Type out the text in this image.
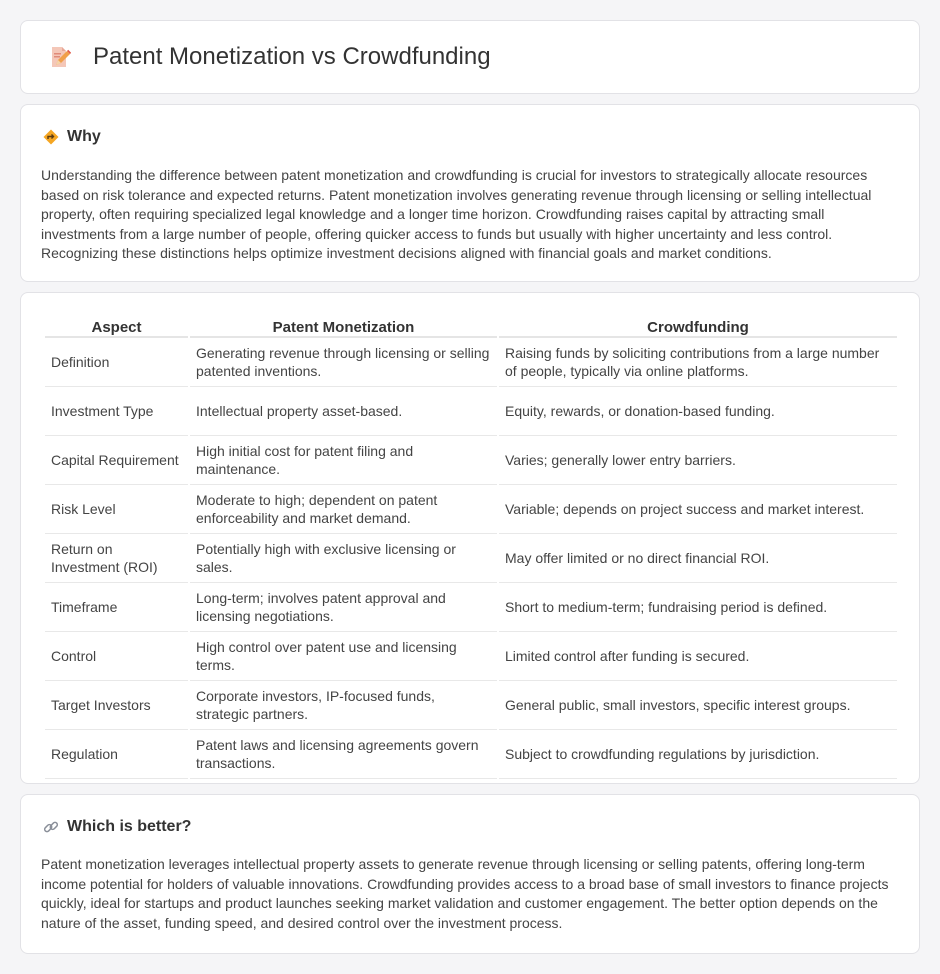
Patent Monetization vs Crowdfunding
Why

Understanding the difference between patent monetization and crowdfunding is crucial for investors to strategically allocate resources based on risk tolerance and expected returns. Patent monetization involves generating revenue through licensing or selling intellectual property, often requiring specialized legal knowledge and a longer time horizon. Crowdfunding raises capital by attracting small investments from a large number of people, offering quicker access to funds but usually with higher uncertainty and less control. Recognizing these distinctions helps optimize investment decisions aligned with financial goals and market conditions.

Aspect	Patent Monetization	Crowdfunding
Definition	Generating revenue through licensing or selling patented inventions.	Raising funds by soliciting contributions from a large number of people, typically via online platforms.
Investment Type	Intellectual property asset-based.	Equity, rewards, or donation-based funding.
Capital Requirement	High initial cost for patent filing and maintenance.	Varies; generally lower entry barriers.
Risk Level	Moderate to high; dependent on patent enforceability and market demand.	Variable; depends on project success and market interest.
Return on Investment (ROI)	Potentially high with exclusive licensing or sales.	May offer limited or no direct financial ROI.
Timeframe	Long-term; involves patent approval and licensing negotiations.	Short to medium-term; fundraising period is defined.
Control	High control over patent use and licensing terms.	Limited control after funding is secured.
Target Investors	Corporate investors, IP-focused funds, strategic partners.	General public, small investors, specific interest groups.
Regulation	Patent laws and licensing agreements govern transactions.	Subject to crowdfunding regulations by jurisdiction.
Which is better?

Patent monetization leverages intellectual property assets to generate revenue through licensing or selling patents, offering long-term income potential for holders of valuable innovations. Crowdfunding provides access to a broad base of small investors to finance projects quickly, ideal for startups and product launches seeking market validation and customer engagement. The better option depends on the nature of the asset, funding speed, and desired control over the investment process.
